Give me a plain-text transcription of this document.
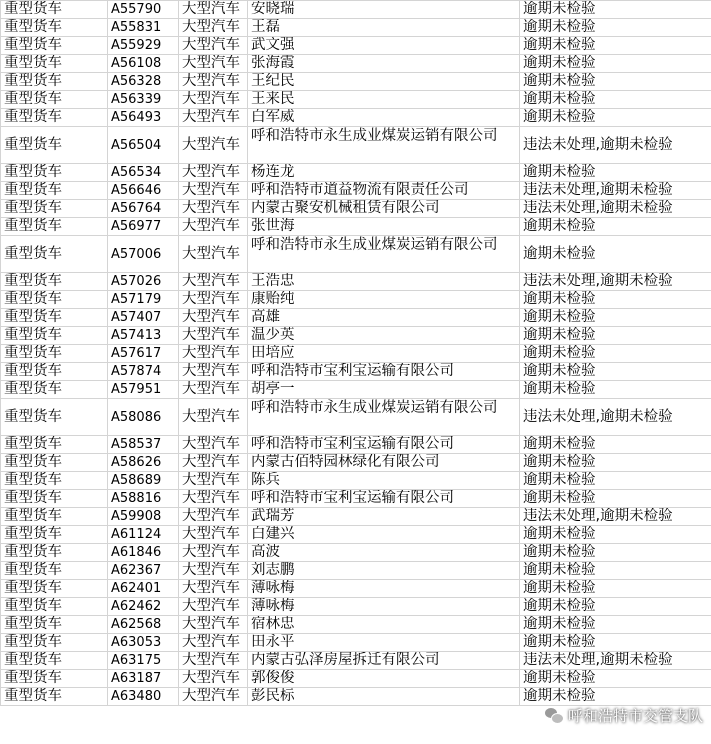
重型货车	A55790	大型汽车	安晓瑞	逾期未检验
重型货车	A55831	大型汽车	王磊	逾期未检验
重型货车	A55929	大型汽车	武文强	逾期未检验
重型货车	A56108	大型汽车	张海霞	逾期未检验
重型货车	A56328	大型汽车	王纪民	逾期未检验
重型货车	A56339	大型汽车	王来民	逾期未检验
重型货车	A56493	大型汽车	白军威	逾期未检验
重型货车	A56504	大型汽车	呼和浩特市永生成业煤炭运销有限公司	违法未处理,逾期未检验
重型货车	A56534	大型汽车	杨连龙	逾期未检验
重型货车	A56646	大型汽车	呼和浩特市道益物流有限责任公司	违法未处理,逾期未检验
重型货车	A56764	大型汽车	内蒙古聚安机械租赁有限公司	违法未处理,逾期未检验
重型货车	A56977	大型汽车	张世海	逾期未检验
重型货车	A57006	大型汽车	呼和浩特市永生成业煤炭运销有限公司	逾期未检验
重型货车	A57026	大型汽车	王浩忠	违法未处理,逾期未检验
重型货车	A57179	大型汽车	康贻纯	逾期未检验
重型货车	A57407	大型汽车	高雄	逾期未检验
重型货车	A57413	大型汽车	温少英	逾期未检验
重型货车	A57617	大型汽车	田培应	逾期未检验
重型货车	A57874	大型汽车	呼和浩特市宝利宝运输有限公司	逾期未检验
重型货车	A57951	大型汽车	胡亭一	逾期未检验
重型货车	A58086	大型汽车	呼和浩特市永生成业煤炭运销有限公司	违法未处理,逾期未检验
重型货车	A58537	大型汽车	呼和浩特市宝利宝运输有限公司	逾期未检验
重型货车	A58626	大型汽车	内蒙古佰特园林绿化有限公司	逾期未检验
重型货车	A58689	大型汽车	陈兵	逾期未检验
重型货车	A58816	大型汽车	呼和浩特市宝利宝运输有限公司	逾期未检验
重型货车	A59908	大型汽车	武瑞芳	违法未处理,逾期未检验
重型货车	A61124	大型汽车	白建兴	逾期未检验
重型货车	A61846	大型汽车	高波	逾期未检验
重型货车	A62367	大型汽车	刘志鹏	逾期未检验
重型货车	A62401	大型汽车	薄咏梅	逾期未检验
重型货车	A62462	大型汽车	薄咏梅	逾期未检验
重型货车	A62568	大型汽车	宿林忠	逾期未检验
重型货车	A63053	大型汽车	田永平	逾期未检验
重型货车	A63175	大型汽车	内蒙古弘泽房屋拆迁有限公司	违法未处理,逾期未检验
重型货车	A63187	大型汽车	郭俊俊	逾期未检验
重型货车	A63480	大型汽车	彭民标	逾期未检验
呼和浩特市交管支队
